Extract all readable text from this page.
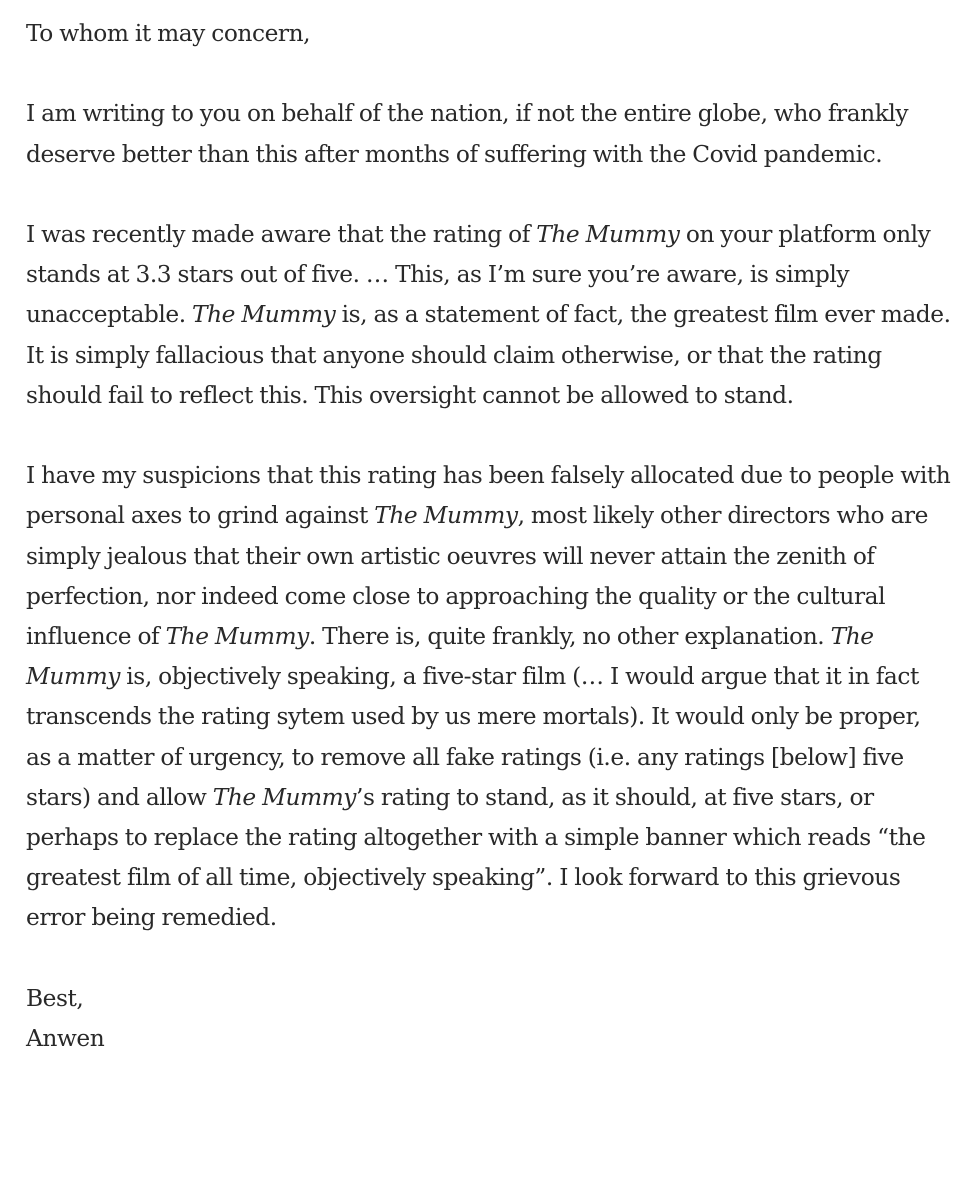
To whom it may concern,

I am writing to you on behalf of the nation, if not the entire globe, who frankly deserve better than this after months of suffering with the Covid pandemic.

I was recently made aware that the rating of The Mummy on your platform only stands at 3.3 stars out of five. … This, as I’m sure you’re aware, is simply unacceptable. The Mummy is, as a statement of fact, the greatest film ever made. It is simply fallacious that anyone should claim otherwise, or that the rating should fail to reflect this. This oversight cannot be allowed to stand.

I have my suspicions that this rating has been falsely allocated due to people with personal axes to grind against The Mummy, most likely other directors who are simply jealous that their own artistic oeuvres will never attain the zenith of perfection, nor indeed come close to approaching the quality or the cultural influence of The Mummy. There is, quite frankly, no other explanation. The Mummy is, objectively speaking, a five-star film (… I would argue that it in fact transcends the rating sytem used by us mere mortals). It would only be proper, as a matter of urgency, to remove all fake ratings (i.e. any ratings [below] five stars) and allow The Mummy’s rating to stand, as it should, at five stars, or perhaps to replace the rating altogether with a simple banner which reads “the greatest film of all time, objectively speaking”. I look forward to this grievous error being remedied.

Best,
Anwen
